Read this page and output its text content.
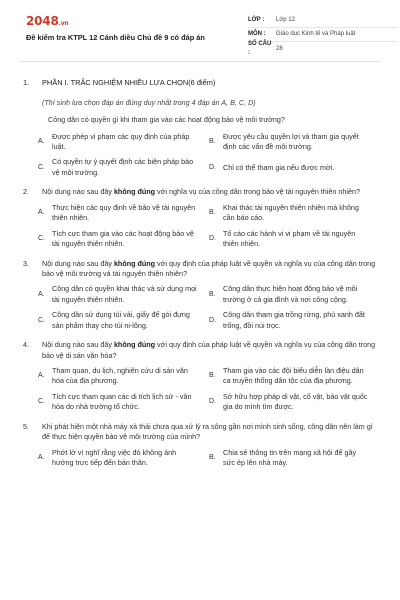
2048.vn
Đề kiểm tra KTPL 12 Cánh diều Chủ đề 9 có đáp án
LỚP :	Lớp 12
MÔN :	Giáo dục Kinh tế và Pháp luật
SỐ CÂU :
28
1.	PHẦN I. TRẮC NGHIỆM NHIỀU LỰA CHỌN(6 điểm)
(Thí sinh lựa chọn đáp án đúng duy nhất trong 4 đáp án A, B, C, D)
Công dân có quyền gì khi tham gia vào các hoạt động bảo vệ môi trường?
A.
Được phép vi phạm các quy định của pháp luật.
B.
Được yêu cầu quyền lợi và tham gia quyết định các vấn đề môi trường.
C.
Có quyền tự ý quyết định các biện pháp bảo vệ môi trường.
D. Chỉ có thể tham gia nếu được mời.
2.	Nội dung nào sau đây không đúng với nghĩa vụ của công dân trong bảo vệ tài nguyên thiên nhiên?
A.
Thực hiện các quy định về bảo vệ tài nguyên thiên nhiên.
B.
Khai thác tài nguyên thiên nhiên mà không cần báo cáo.
C.
Tích cực tham gia vào các hoạt động bảo vệ tài nguyên thiên nhiên.
D.
Tố cáo các hành vi vi phạm về tài nguyên thiên nhiên.
3.	Nội dung nào sau đây không đúng với quy định của pháp luật về quyền và nghĩa vụ của công dân trong bảo vệ môi trường và tài nguyên thiên nhiên?
A.
Công dân có quyền khai thác và sử dụng mọi tài nguyên thiên nhiên.
B.
Công dân thực hiện hoạt động bảo vệ môi trường ở cả gia đình và nơi công cộng.
C.
Công dân sử dụng túi vải, giấy để gói đựng sản phẩm thay cho túi ni-lông.
D.
Công dân tham gia trồng rừng, phủ xanh đất trống, đồi núi trọc.
4.	Nội dung nào sau đây không đúng với quy định của pháp luật về quyền và nghĩa vụ của công dân trong bảo vệ di sản văn hóa?
A.
Tham quan, du lịch, nghiên cứu di sản văn hóa của địa phương.
B.
Tham gia vào các đội biểu diễn làn điệu dân ca truyền thống dân tộc của địa phương.
C.
Tích cực tham quan các di tích lịch sử - văn hóa do nhà trường tổ chức.
D.
Sở hữu hợp pháp di vật, cổ vật, bảo vật quốc gia do mình tìm được.
5.	Khi phát hiện một nhà máy xả thải chưa qua xử lý ra sông gần nơi mình sinh sống, công dân nên làm gì để thực hiện quyền bảo vệ môi trường của mình?
A.
Phớt lờ vì nghĩ rằng việc đó không ảnh hưởng trực tiếp đến bản thân.
B.
Chia sẻ thông tin trên mạng xã hội để gây sức ép lên nhà máy.
